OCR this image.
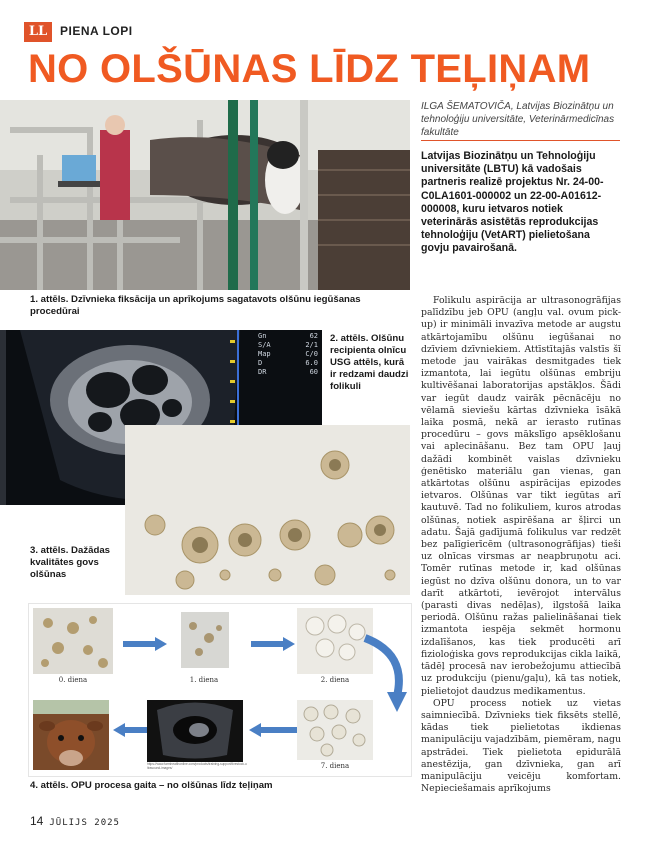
LL	PIENA LOPI
NO OLŠŪNAS LĪDZ TEĻIŅAM
1. attēls. Dzīvnieka fiksācija un aprīkojums sagatavots olšūnu iegūšanas procedūrai
Gn	62
S/A	2/1
Map	C/0
D	6.0
DR	60
2. attēls. Olšūnu recipienta olnīcu USG attēls, kurā ir redzami daudzi folikuli
3. attēls. Dažādas kvalitātes govs olšūnas
0. diena	1. diena	2. diena
https://www.farmhealthonline.com/products/training-support/livestock-ultrasound-images/	7. diena
4. attēls. OPU procesa gaita – no olšūnas līdz teļiņam
ILGA ŠEMATOVIČA, Latvijas Biozinātņu un tehnoloģiju universitāte, Veterinārmedicīnas fakultāte
Latvijas Biozinātņu un Tehnoloģiju universitāte (LBTU) kā vadošais partneris realizē projektus Nr. 24-00-C0LA1601-000002 un 22-00-A01612-000008, kuru ietvaros notiek veterinārās asistētās reprodukcijas tehnoloģiju (VetART) pielietošana govju pavairošanā.

Folikulu aspirācija ar ultrasonogrāfijas palīdzību jeb OPU (angļu val. ovum pick-up) ir minimāli invazīva metode ar augstu atkārtojamību olšūnu iegūšanai no dzīviem dzīvniekiem. Attīstītajās valstīs šī metode jau vairākas desmitgades tiek izmantota, lai iegūtu olšūnas embriju kultivēšanai laboratorijas apstākļos. Šādi var iegūt daudz vairāk pēcnācēju no vēlamā sieviešu kārtas dzīvnieka īsākā laika posmā, nekā ar ierasto rutīnas procedūru – govs mākslīgo apsēklošanu vai aplecināšanu. Bez tam OPU ļauj dažādi kombinēt vaislas dzīvnieku ģenētisko materiālu gan vienas, gan atkārtotas olšūnu aspirācijas epizodes ietvaros. Olšūnas var tikt iegūtas arī kautuvē. Tad no folikuliem, kuros atrodas olšūnas, notiek aspirēšana ar šļirci un adatu. Šajā gadījumā folikulus var redzēt bez palīgierīcēm (ultrasonogrāfijas) tieši uz olnīcas virsmas ar neapbruņotu aci. Tomēr rutīnas metode ir, kad olšūnas iegūst no dzīva olšūnu donora, un to var darīt atkārtoti, ievērojot intervālus (parasti divas nedēļas), ilgstošā laika periodā. Olšūnu ražas palielināšanai tiek izmantota iespēja sekmēt hormonu izdalīšanos, kas tiek producēti arī fizioloģiska govs reprodukcijas cikla laikā, tādēļ procesā nav ierobežojumu attiecībā uz produkciju (pienu/gaļu), kā tas notiek, pielietojot daudzus medikamentus.

OPU process notiek uz vietas saimniecībā. Dzīvnieks tiek fiksēts stellē, kādas tiek pielietotas ikdienas manipulāciju vajadzībām, piemēram, nagu apstrādei. Tiek pielietota epidurālā anestēzija, gan dzīvnieka, gan arī manipulāciju veicēju komfortam. Nepieciešamais aprīkojums

14 JŪLIJS 2025
